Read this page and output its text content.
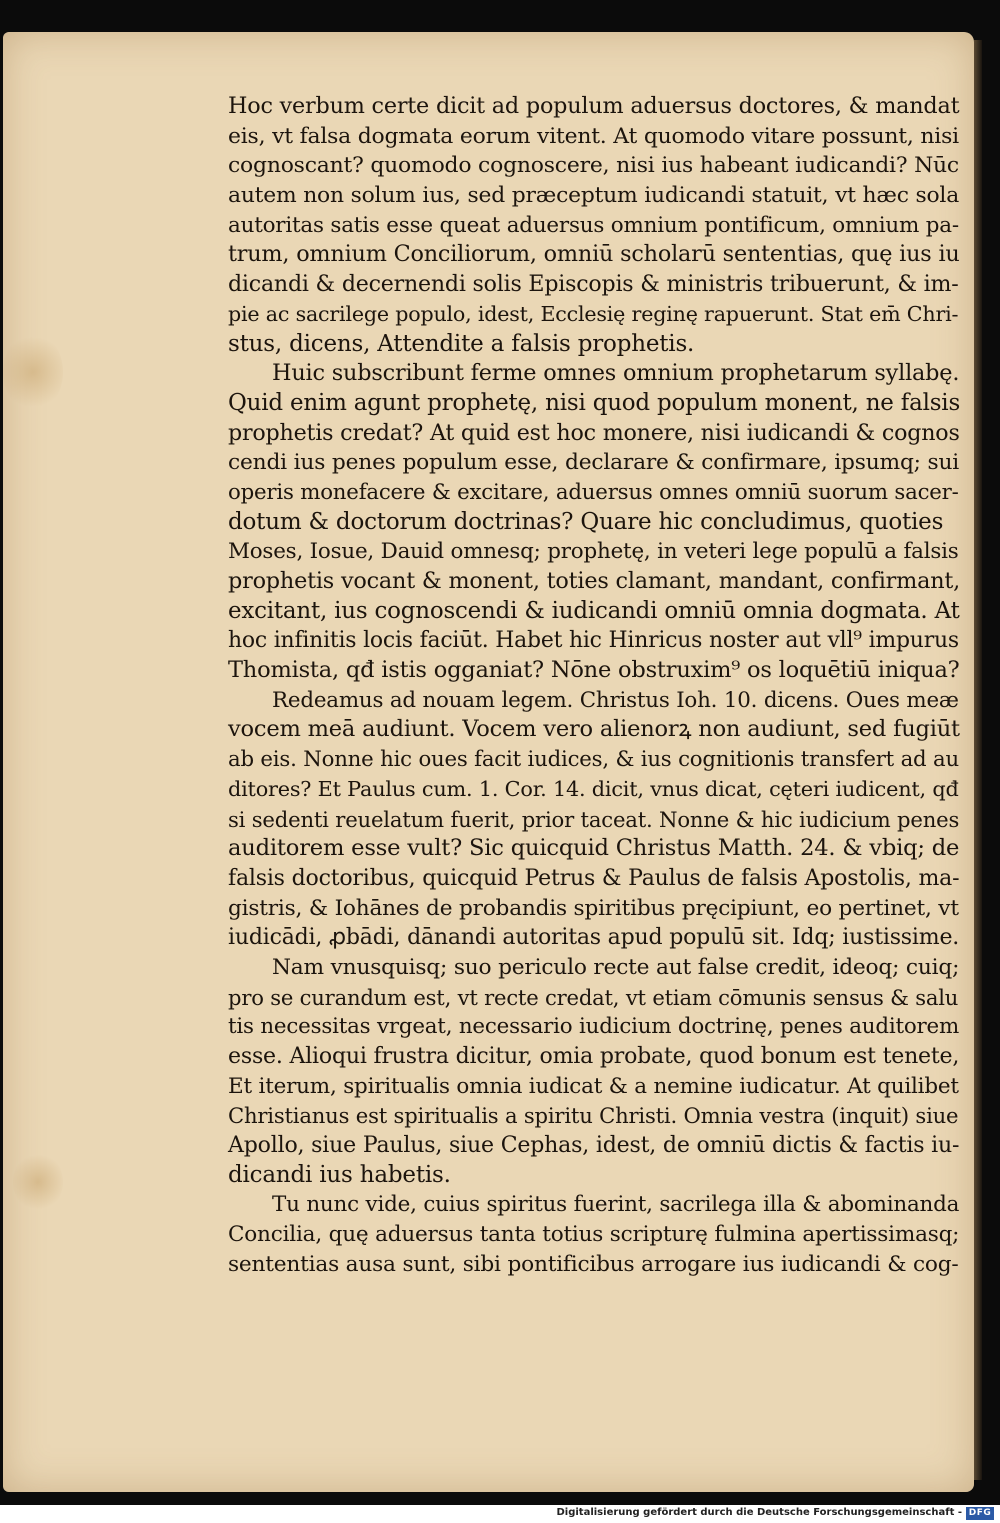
Hoc verbum certe dicit ad populum aduersus doctores, & mandat
eis, vt falsa dogmata eorum vitent. At quomodo vitare possunt, nisi
cognoscant? quomodo cognoscere, nisi ius habeant iudicandi? Nūc
autem non solum ius, sed præceptum iudicandi statuit, vt hæc sola
autoritas satis esse queat aduersus omnium pontificum, omnium pa-
trum, omnium Conciliorum, omniū scholarū sententias, quę ius iu
dicandi & decernendi solis Episcopis & ministris tribuerunt, & im-
pie ac sacrilege populo, idest, Ecclesię reginę rapuerunt. Stat em̄ Chri-
stus, dicens, Attendite a falsis prophetis.
Huic subscribunt ferme omnes omnium prophetarum syllabę.
Quid enim agunt prophetę, nisi quod populum monent, ne falsis
prophetis credat? At quid est hoc monere, nisi iudicandi & cognos
cendi ius penes populum esse, declarare & confirmare, ipsumq; sui
operis monefacere & excitare, aduersus omnes omniū suorum sacer-
dotum & doctorum doctrinas? Quare hic concludimus, quoties
Moses, Iosue, Dauid omnesq; prophetę, in veteri lege populū a falsis
prophetis vocant & monent, toties clamant, mandant, confirmant,
excitant, ius cognoscendi & iudicandi omniū omnia dogmata. At
hoc infinitis locis faciūt. Habet hic Hinricus noster aut vll⁹ impurus
Thomista, qđ istis ogganiat? Nōne obstruxim⁹ os loquētiū iniqua?
Redeamus ad nouam legem. Christus Ioh. 10. dicens. Oues meæ
vocem meā audiunt. Vocem vero alienorꝝ non audiunt, sed fugiūt
ab eis. Nonne hic oues facit iudices, & ius cognitionis transfert ad au
ditores? Et Paulus cum. 1. Cor. 14. dicit, vnus dicat, cęteri iudicent, qđ
si sedenti reuelatum fuerit, prior taceat. Nonne & hic iudicium penes
auditorem esse vult? Sic quicquid Christus Matth. 24. & vbiq; de
falsis doctoribus, quicquid Petrus & Paulus de falsis Apostolis, ma-
gistris, & Iohānes de probandis spiritibus pręcipiunt, eo pertinet, vt
iudicādi, ꝓbādi, dānandi autoritas apud populū sit. Idq; iustissime.
Nam vnusquisq; suo periculo recte aut false credit, ideoq; cuiq;
pro se curandum est, vt recte credat, vt etiam cōmunis sensus & salu
tis necessitas vrgeat, necessario iudicium doctrinę, penes auditorem
esse. Alioqui frustra dicitur, omia probate, quod bonum est tenete,
Et iterum, spiritualis omnia iudicat & a nemine iudicatur. At quilibet
Christianus est spiritualis a spiritu Christi. Omnia vestra (inquit) siue
Apollo, siue Paulus, siue Cephas, idest, de omniū dictis & factis iu-
dicandi ius habetis.
Tu nunc vide, cuius spiritus fuerint, sacrilega illa & abominanda
Concilia, quę aduersus tanta totius scripturę fulmina apertissimasq;
sententias ausa sunt, sibi pontificibus arrogare ius iudicandi & cog-
Digitalisierung gefördert durch die Deutsche Forschungsgemeinschaft - DFG
